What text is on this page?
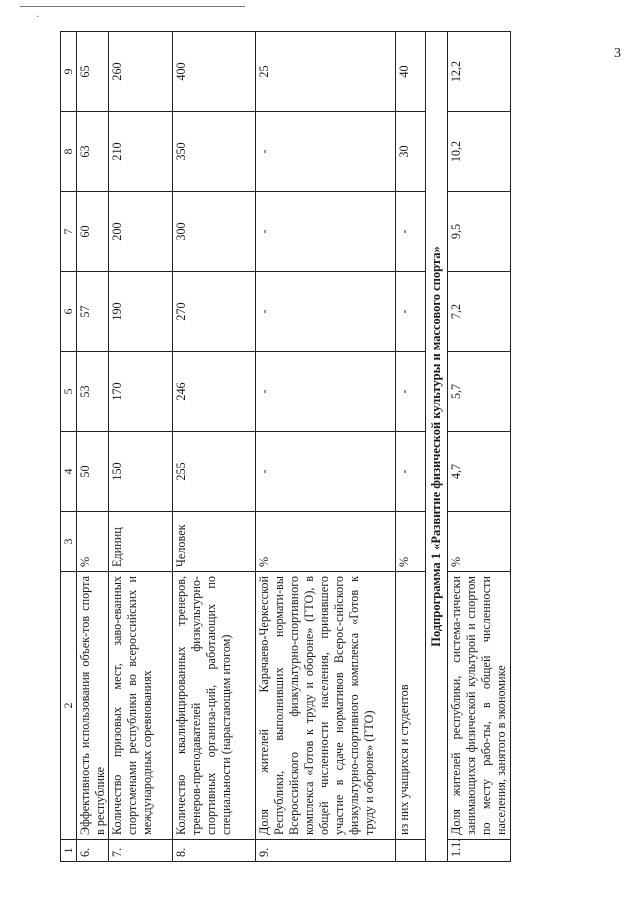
·
3
1	2	3	4	5	6	7	8	9
6.	Эффективность использования объек-тов спорта в республике	%	50	53	57	60	63	65
7.	Количество призовых мест, заво-еванных спортсменами республики во всероссийских и международных соревнованиях	Единиц	150	170	190	200	210	260
8.	Количество квалифицированных тренеров, тренеров-преподавателей физкультурно-спортивных организа-ций, работающих по специальности (нарастающим итогом)	Человек	255	246	270	300	350	400
9.	Доля жителей Карачаево-Черкесской Республики, выполнивших нормати-вы Всероссийского физкультурно-спортивного комплекса «Готов к труду и обороне» (ГТО), в общей численности населения, принявшего участие в сдаче нормативов Всерос-сийского физкультурно-спортивного комплекса «Готов к труду и обороне» (ГТО)	%	-	-	-	-	-	25
	из них учащихся и студентов	%	-	-	-	-	30	40
Подпрограмма 1 «Развитие физической культуры и массового спорта»								
1.1.	Доля жителей республики, система-тически занимающихся физической культурой и спортом по месту рабо-ты, в общей численности населения, занятого в экономике	%	4,7	5,7	7,2	9,5	10,2	12,2
